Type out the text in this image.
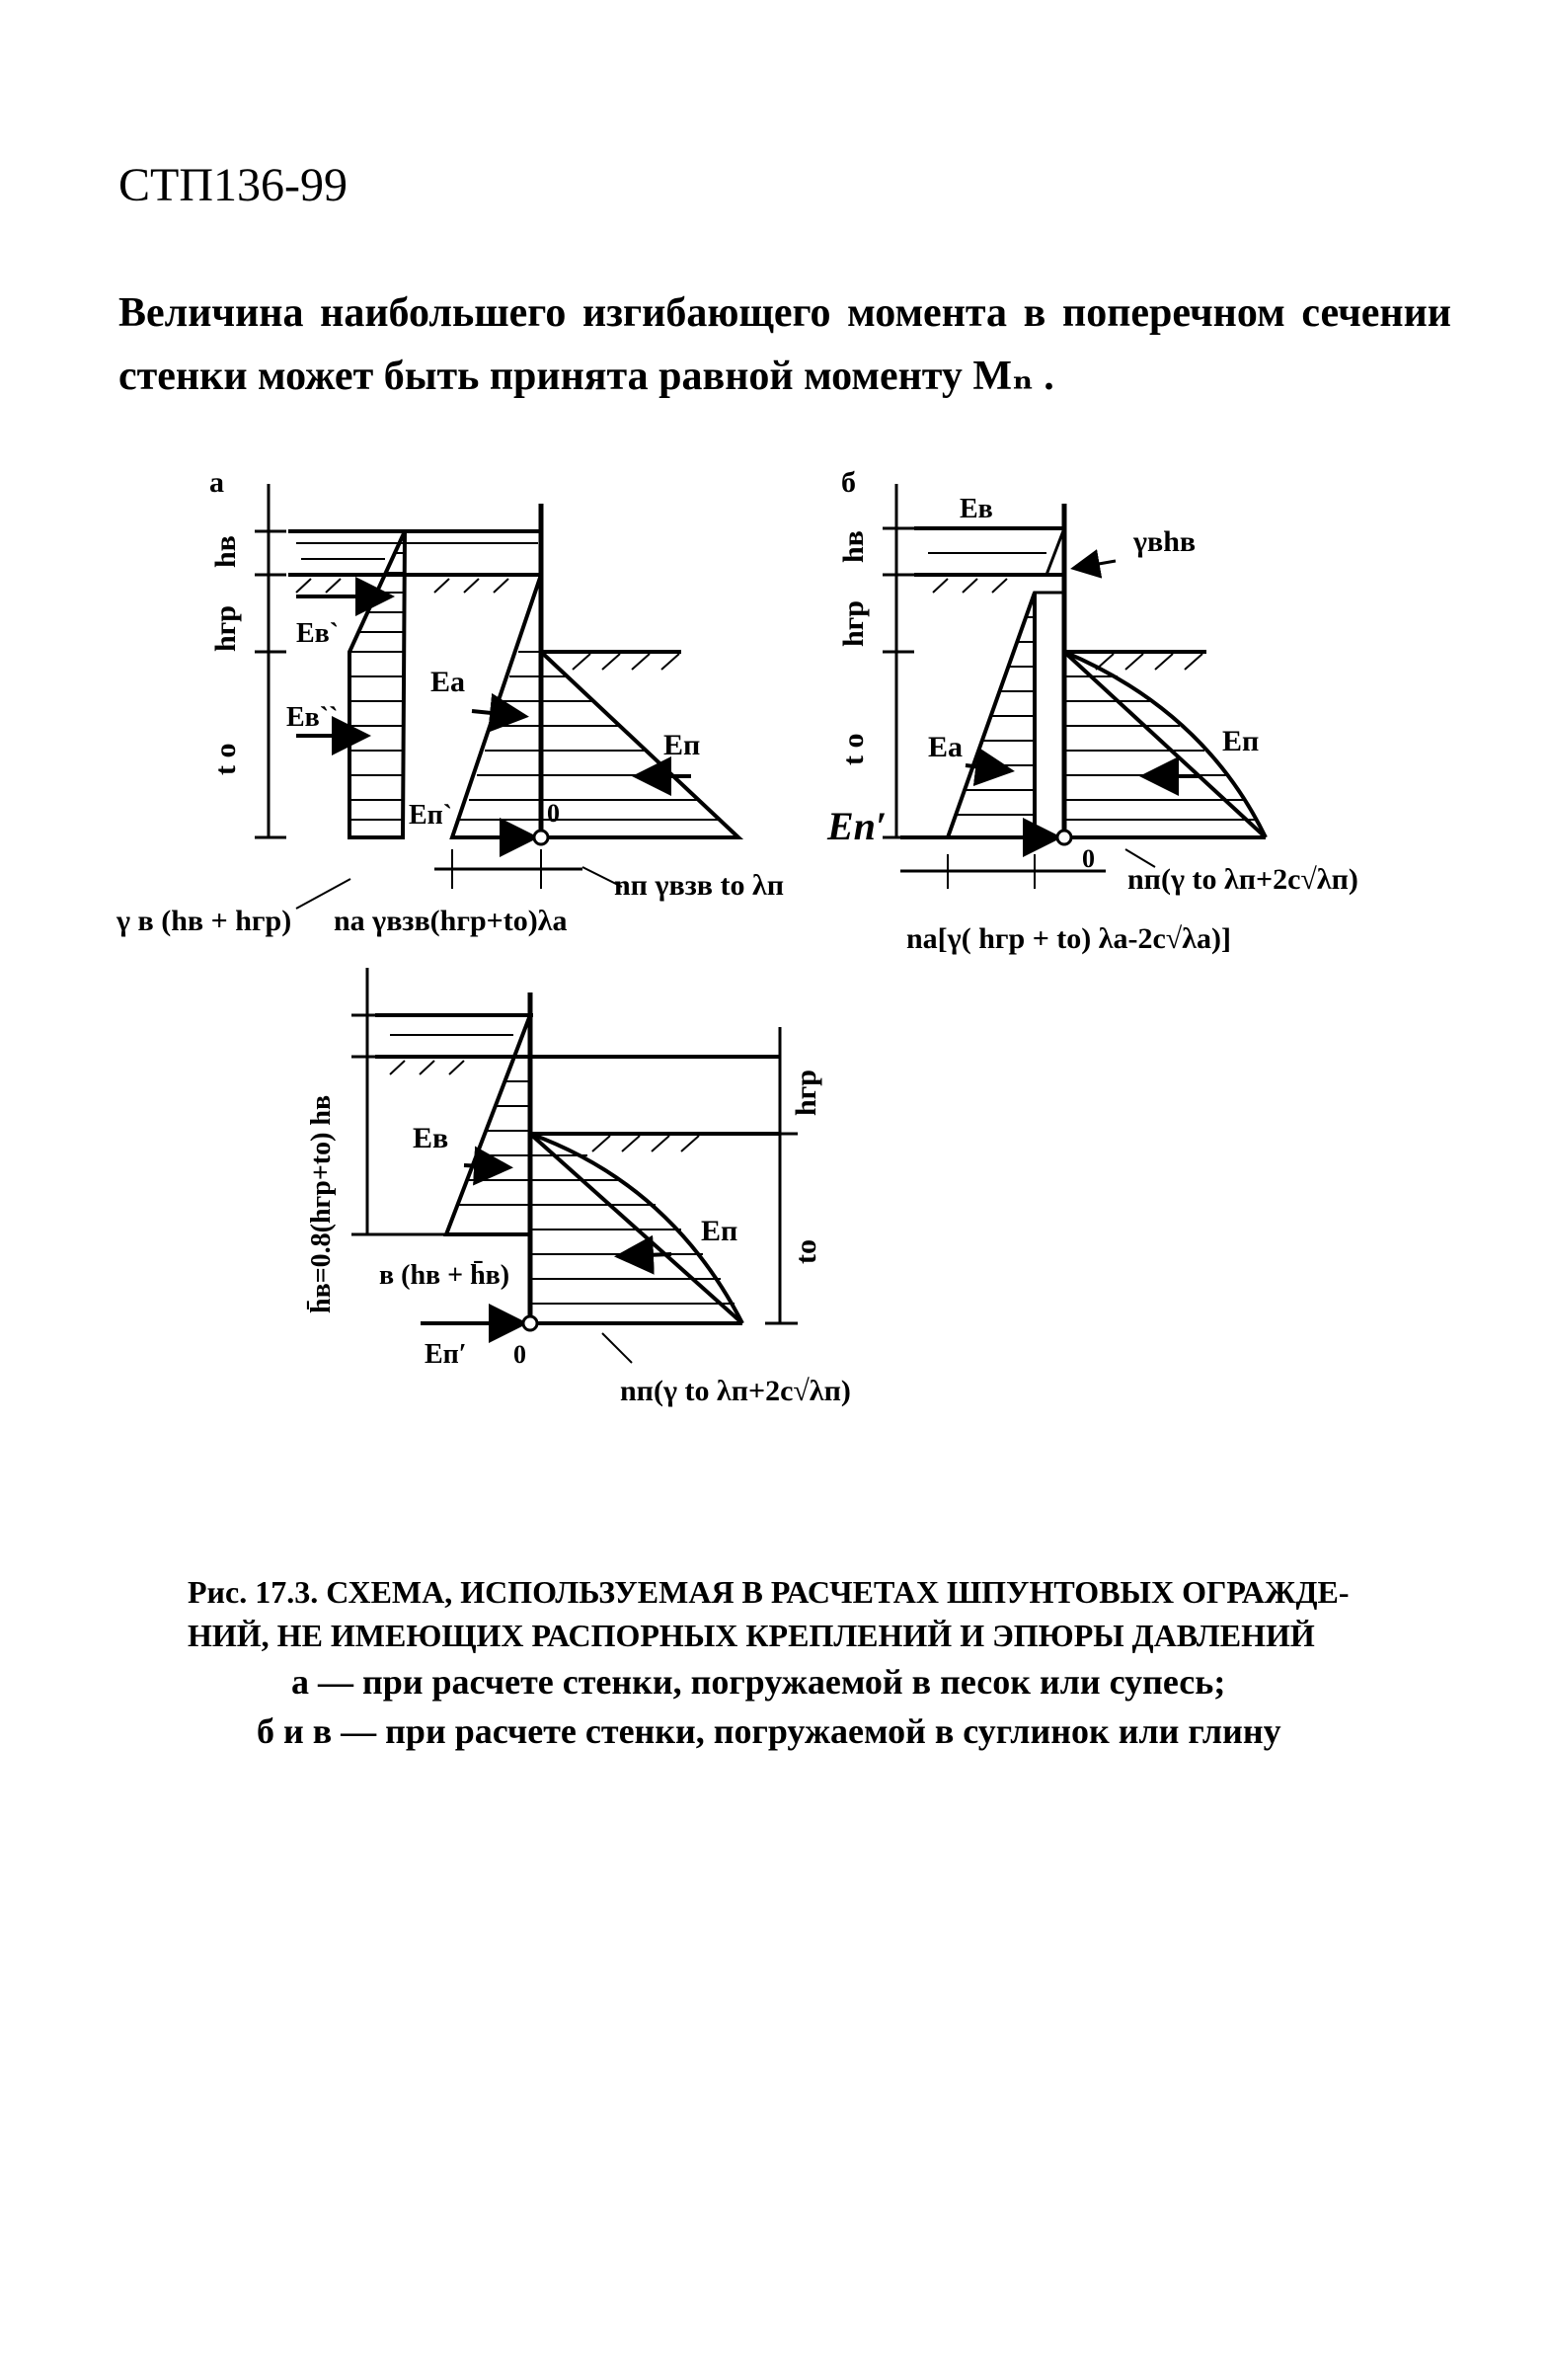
СТП136-99
Величина наибольшего изгибающего момента в поперечном сечении стенки может быть принята равной моменту Мₙ .
а
hв
hгр
t o
Ев`
Ев``
Еа
Еп
Еп`	0
γ в (hв + hгр) nа γвзв(hгр+tо)λа
nп γвзв tо λп
б
hв
hгр
t o
Ев
γвhв
Еа	Еп
Eп′
0
nп(γ tо λп+2c√λп)
nа[γ( hгр + tо) λа-2c√λа)]
h̄в=0.8(hгр+tо) hв	Ев
hгр
tо
Еп
в (hв + h̄в)
Еп′ 0
nп(γ tо λп+2c√λп)
Рис. 17.3. СХЕМА, ИСПОЛЬЗУЕМАЯ В РАСЧЕТАХ ШПУНТОВЫХ ОГРАЖДЕ-
НИЙ, НЕ ИМЕЮЩИХ РАСПОРНЫХ КРЕПЛЕНИЙ И ЭПЮРЫ ДАВЛЕНИЙ
а — при расчете стенки, погружаемой в песок или супесь;
б и в — при расчете стенки, погружаемой в суглинок или глину
